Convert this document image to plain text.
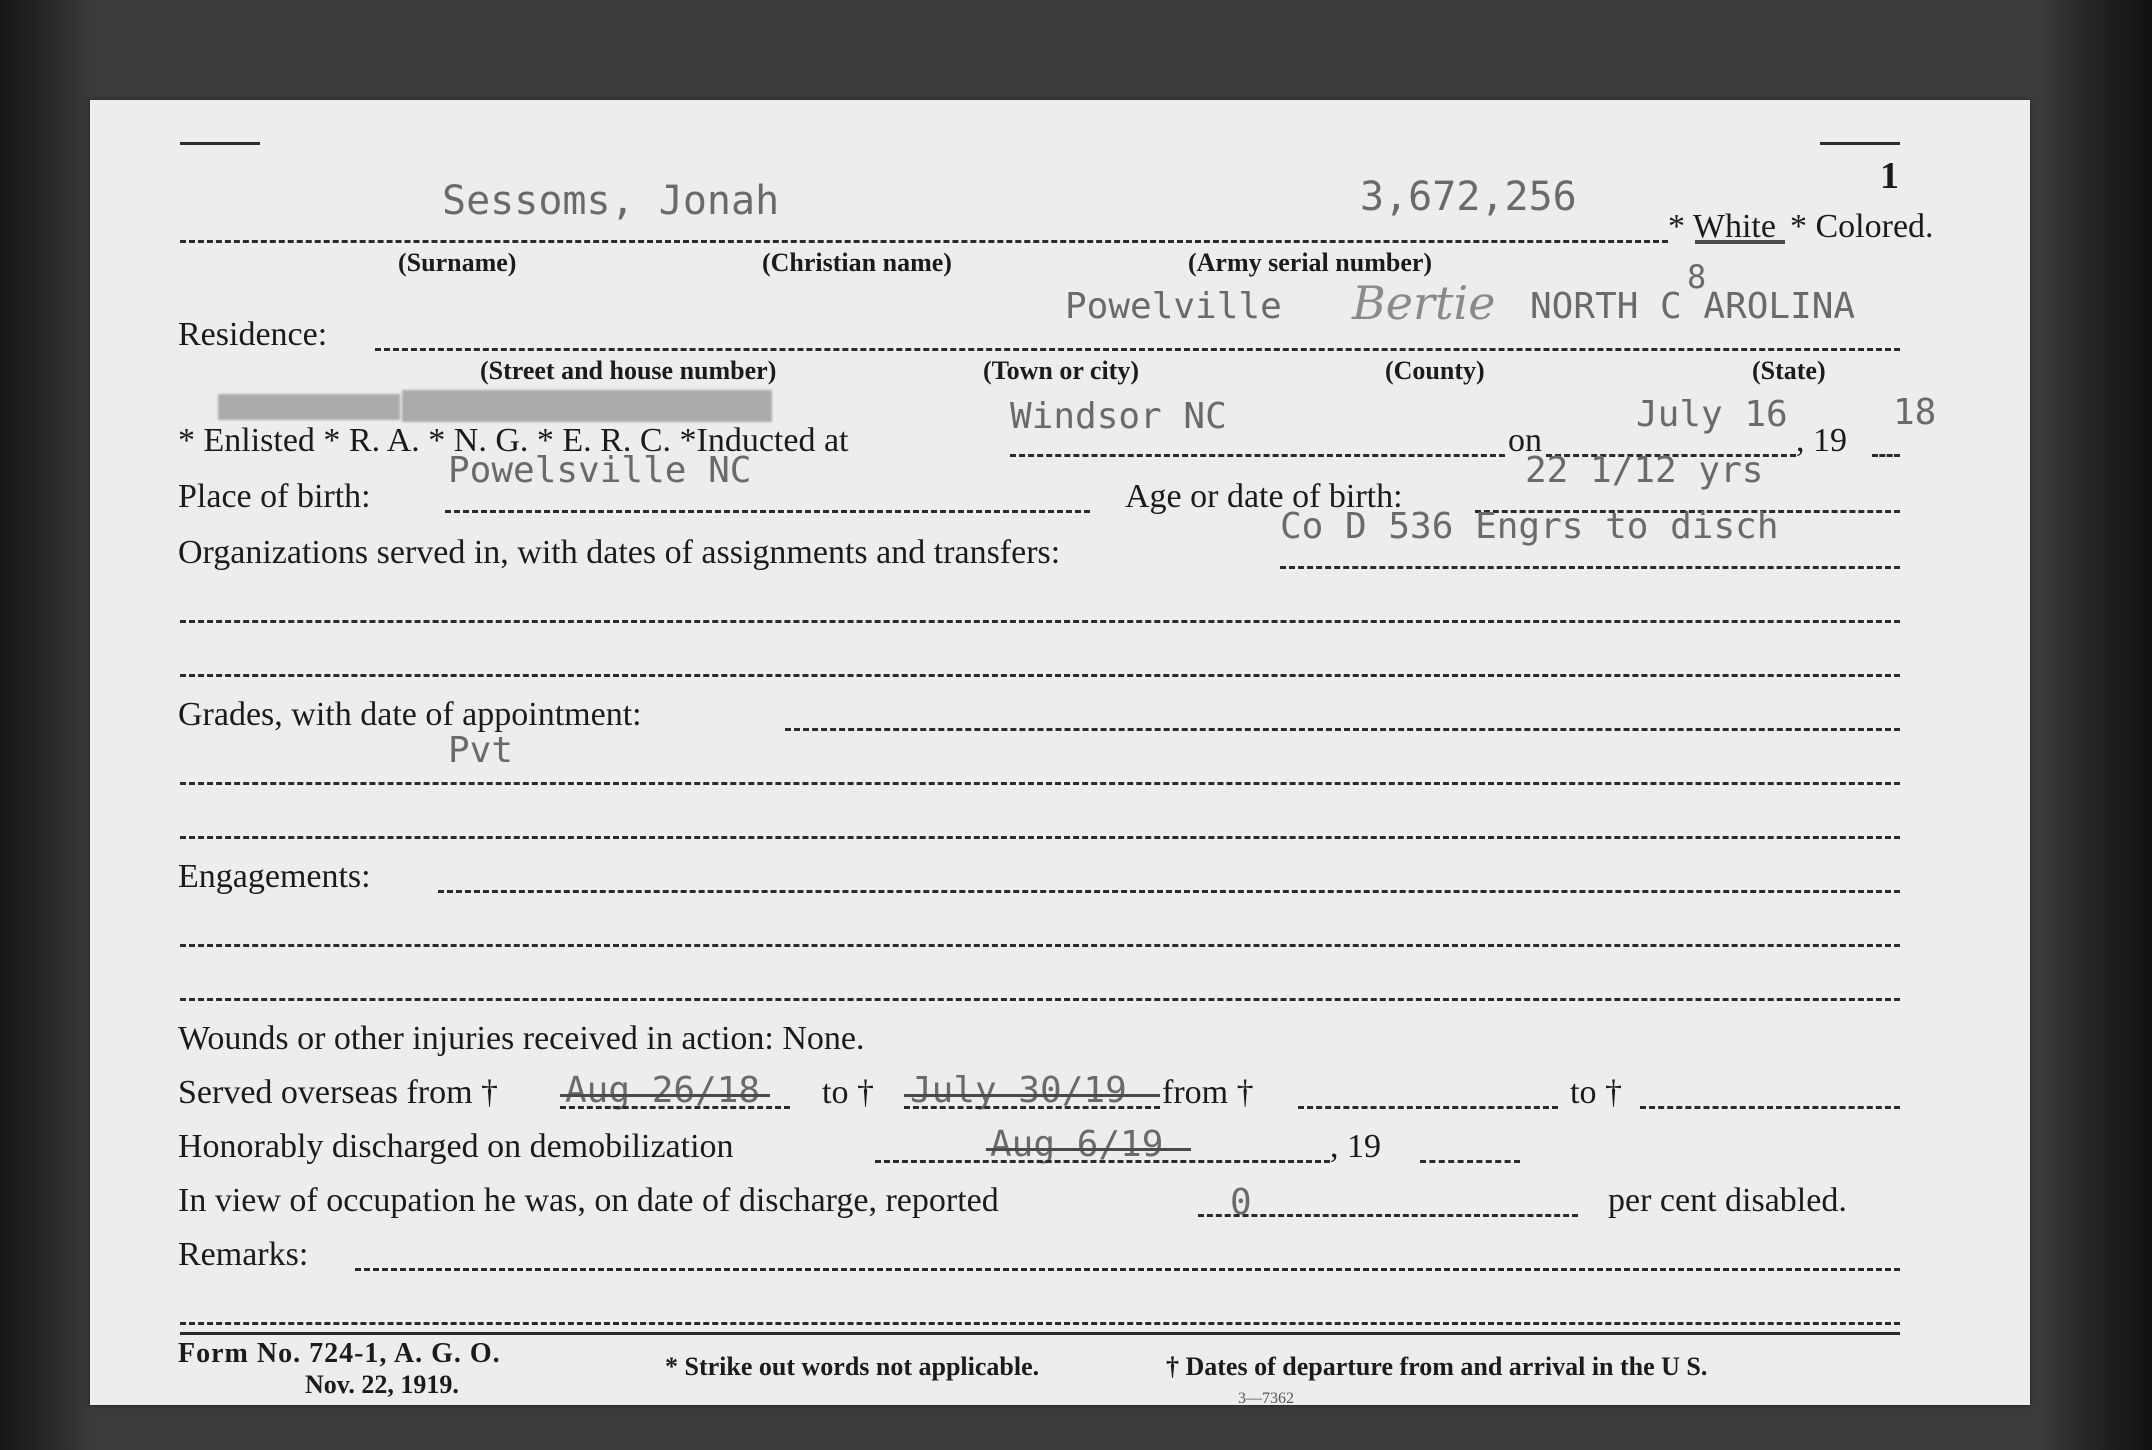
1
Sessoms, Jonah	3,672,256
* White * Colored.
(Surname)	(Christian name)	(Army serial number)
Residence:
Powelville Bertie NORTH C AROLINA
8
(Street and house number)	(Town or city)	(County)	(State)
* Enlisted * R. A. * N. G. * E. R. C. *Inducted at
Windsor NC
on
July 16
, 19
18
Place of birth:
Powelsville NC
Age or date of birth:
22 1/12 yrs
Organizations served in, with dates of assignments and transfers:
Co D 536 Engrs to disch
Grades, with date of appointment:
Pvt
Engagements:
Wounds or other injuries received in action: None.
Served overseas from † Aug 26/18 to † July 30/19 from †	to †
Honorably discharged on demobilization	Aug 6/19	, 19
In view of occupation he was, on date of discharge, reported	0	per cent disabled.
Remarks:
Form No. 724-1, A. G. O.
Nov. 22, 1919.
* Strike out words not applicable.	† Dates of departure from and arrival in the U S.
3—7362
